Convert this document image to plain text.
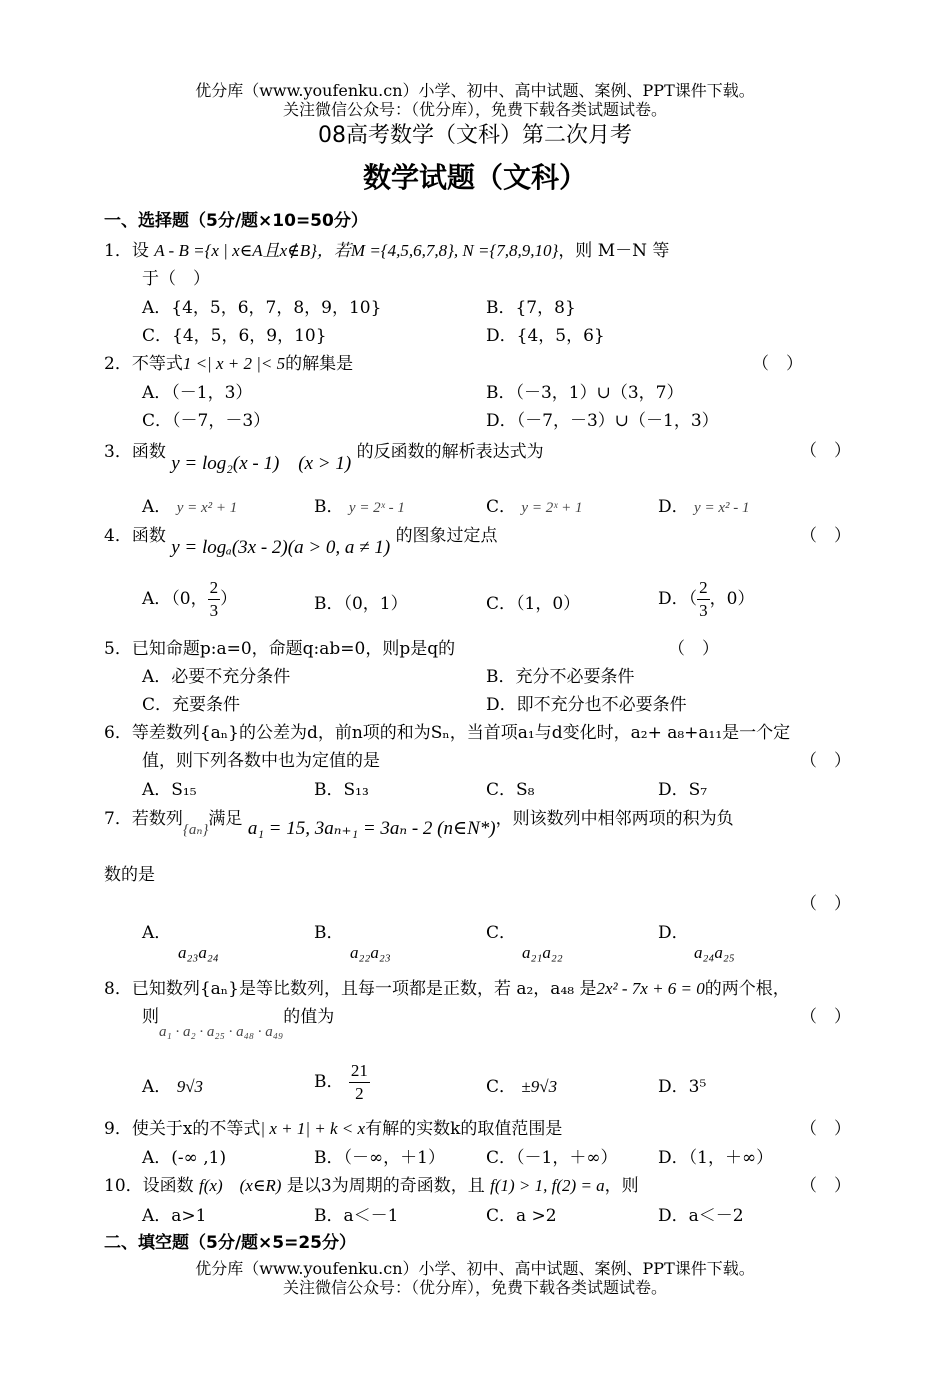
优分库（www.youfenku.cn）小学、初中、高中试题、案例、PPT课件下载。
关注微信公众号：（优分库），免费下载各类试题试卷。
08高考数学（文科）第二次月考
数学试题（文科）
一、选择题（5分/题×10=50分）
1．设 A - B ={x | x∈A且x∉B}，若M ={4,5,6,7,8}, N ={7,8,9,10}，则 M－N 等
于（　）
A．{4，5，6，7，8，9，10}	B．{7，8}
C．{4，5，6，9，10}	D．{4，5，6}
2．不等式1 <| x + 2 |< 5的解集是	（　）
A．（－1，3）	B．（－3，1）∪（3，7）
C．（－7，－3）	D．（－7，－3）∪（－1，3）
3．函数 y = log₂(x - 1)　(x > 1) 的反函数的解析表达式为	（　）
A． y = x² + 1	B． y = 2ˣ - 1	C． y = 2ˣ + 1	D． y = x² - 1
4．函数 y = logₐ(3x - 2)(a > 0, a ≠ 1) 的图象过定点	（　）
A．（0， $\frac{2}{3}$ ）	B．（0，1）	C．（1，0）	D．（ $\frac{2}{3}$ ，0）
5．已知命题p:a=0，命题q:ab=0，则p是q的	（　）
A．必要不充分条件	B．充分不必要条件
C．充要条件	D．即不充分也不必要条件
6．等差数列{aₙ}的公差为d，前n项的和为Sₙ，当首项a₁与d变化时，a₂+ a₈+a₁₁是一个定
值，则下列各数中也为定值的是	（　）
A．S₁₅	B．S₁₃	C．S₈	D．S₇
7．若数列{aₙ}满足 a₁ = 15, 3aₙ₊₁ = 3aₙ - 2 (n∈N*)，则该数列中相邻两项的积为负
数的是
（　）
A．
a₂₃a₂₄
B．
a₂₂a₂₃
C．
a₂₁a₂₂
D．
a₂₄a₂₅
8．已知数列{aₙ}是等比数列，且每一项都是正数，若 a₂，a₄₈ 是2x² - 7x + 6 = 0的两个根，
则a₁ · a₂ · a₂₅ · a₄₈ · a₄₉的值为	（　）
A． 9√3	B． $\frac{21}{2}$	C． ±9√3	D．3⁵
9．使关于x的不等式| x + 1| + k < x有解的实数k的取值范围是	（　）
A．(-∞ ,1)	B．（－∞，＋1） C．（－1，＋∞） D．（1，＋∞）
10．设函数 f(x)　(x∈R) 是以3为周期的奇函数，且 f(1) > 1, f(2) = a，则	（　）
A．a>1	B．a＜－1	C．a >2	D．a＜－2
二、填空题（5分/题×5=25分）
优分库（www.youfenku.cn）小学、初中、高中试题、案例、PPT课件下载。
关注微信公众号：（优分库），免费下载各类试题试卷。
